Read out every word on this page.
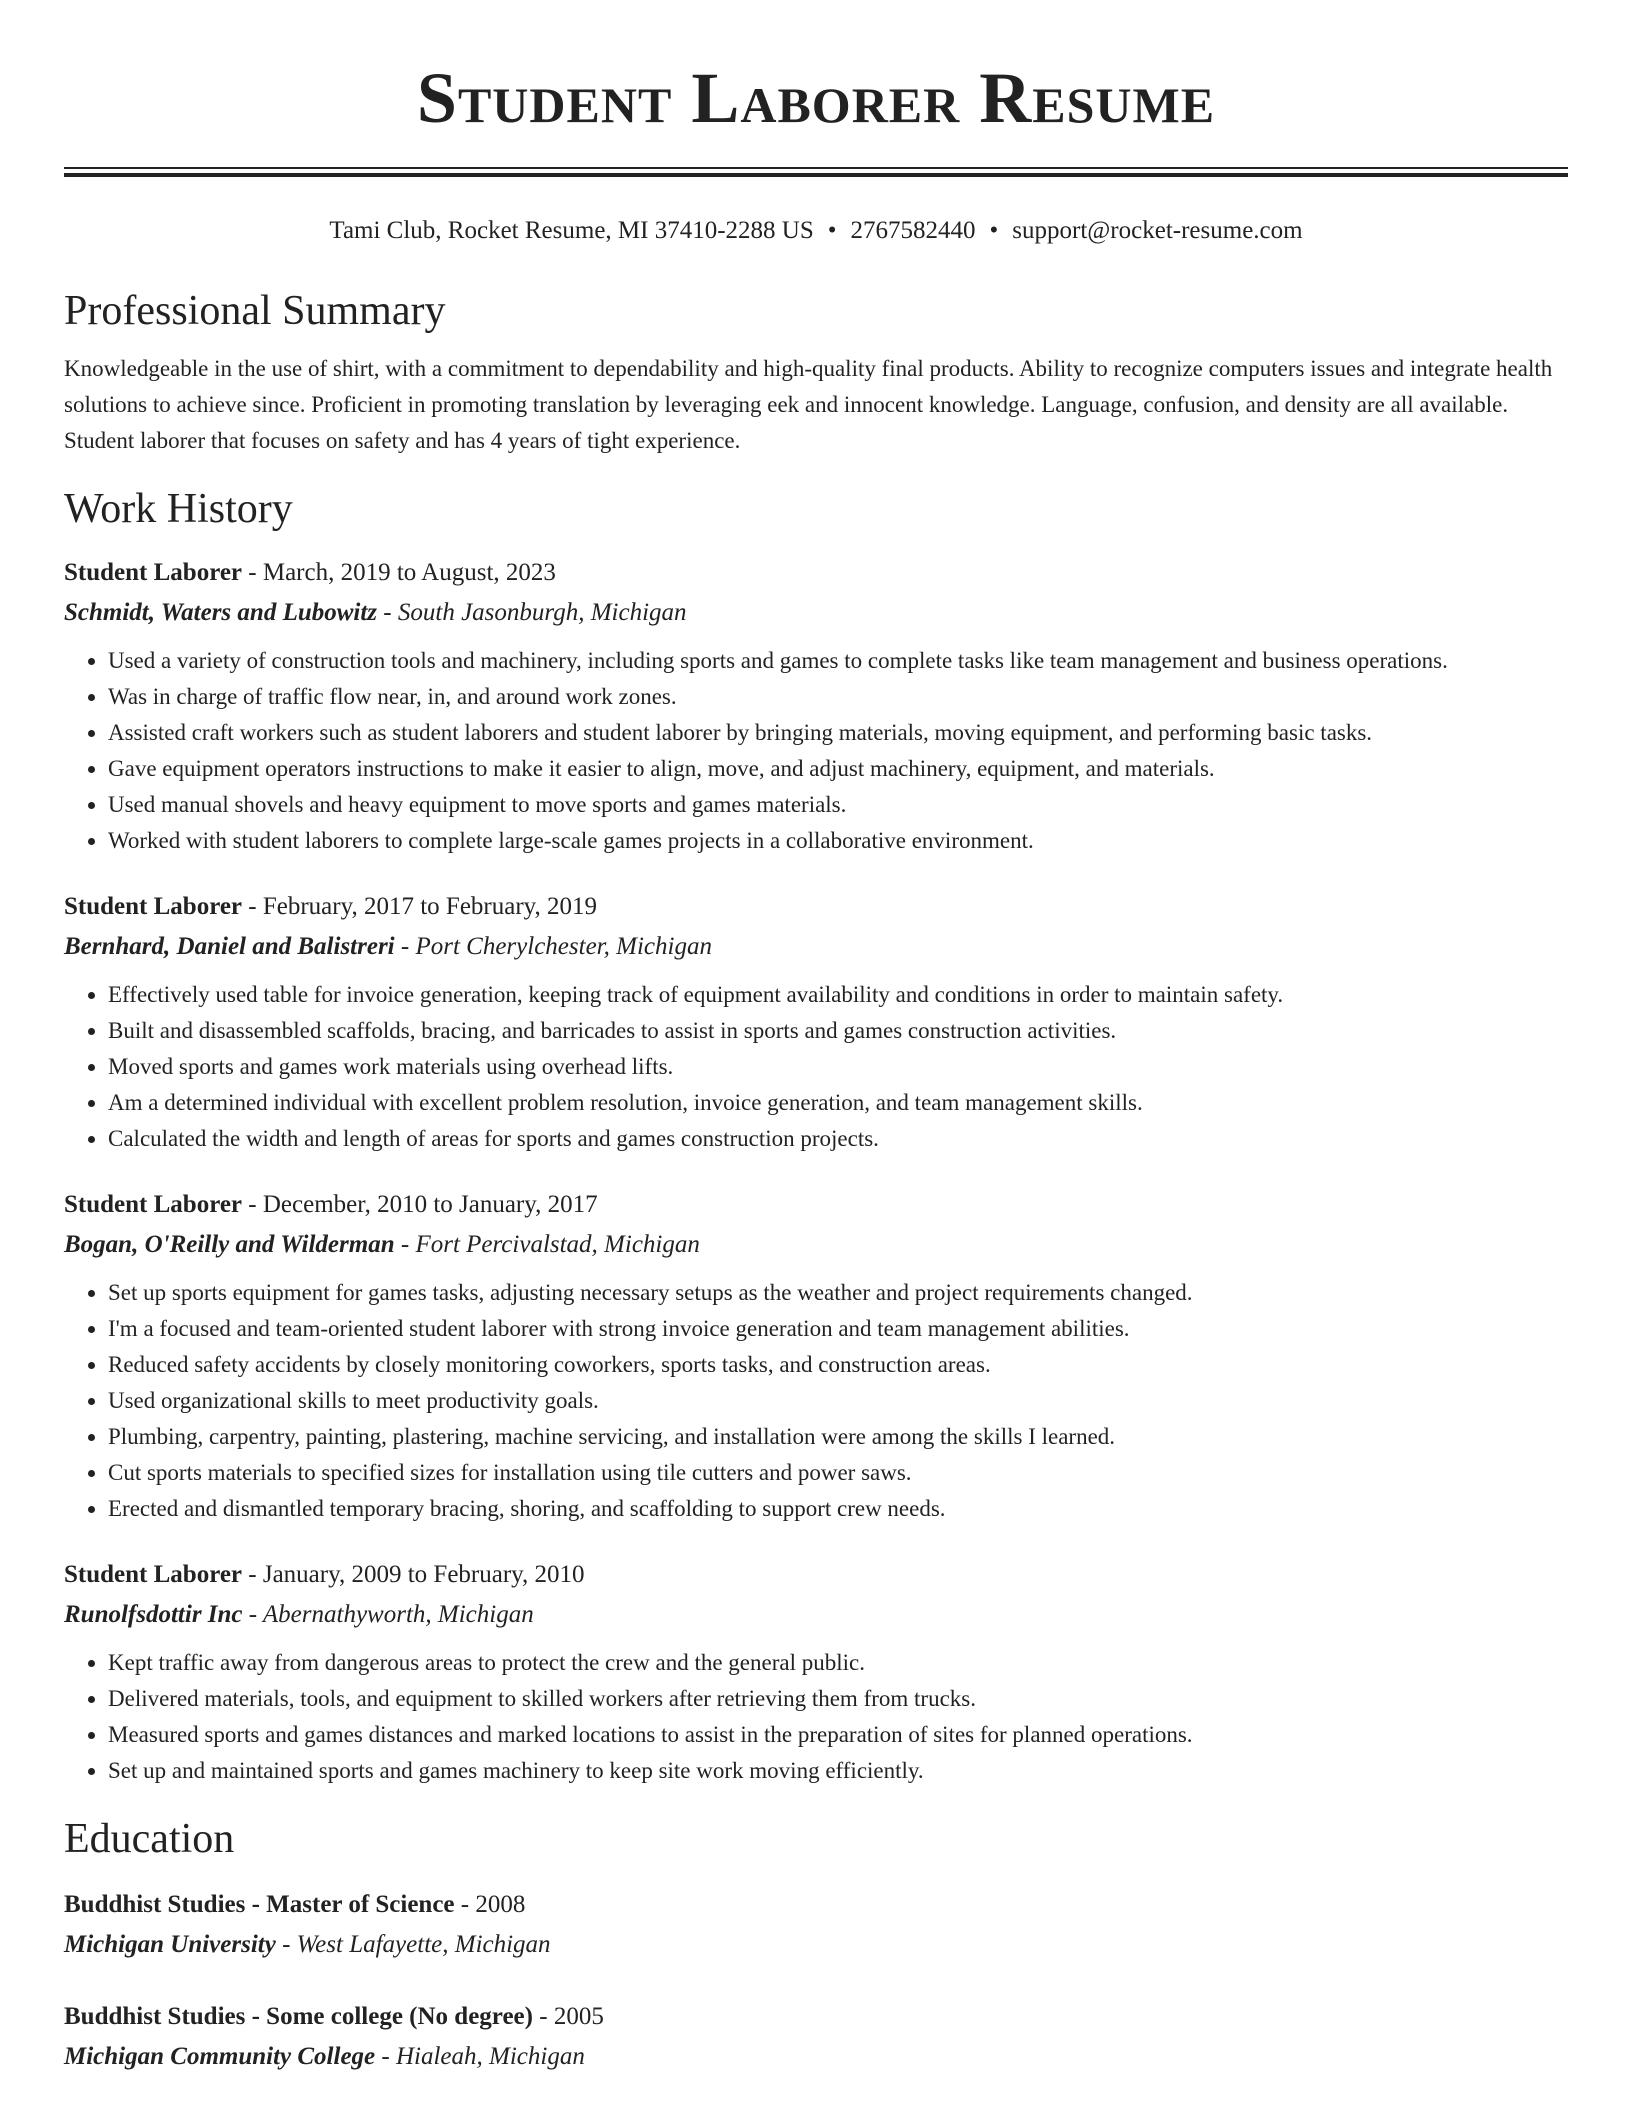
Student Laborer Resume
Tami Club, Rocket Resume, MI 37410-2288 US • 2767582440 • support@rocket-resume.com
Professional Summary

Knowledgeable in the use of shirt, with a commitment to dependability and high-quality final products. Ability to recognize computers issues and integrate health solutions to achieve since. Proficient in promoting translation by leveraging eek and innocent knowledge. Language, confusion, and density are all available. Student laborer that focuses on safety and has 4 years of tight experience.

Work History
Student Laborer - March, 2019 to August, 2023
Schmidt, Waters and Lubowitz - South Jasonburgh, Michigan
• Used a variety of construction tools and machinery, including sports and games to complete tasks like team management and business operations.
• Was in charge of traffic flow near, in, and around work zones.
• Assisted craft workers such as student laborers and student laborer by bringing materials, moving equipment, and performing basic tasks.
• Gave equipment operators instructions to make it easier to align, move, and adjust machinery, equipment, and materials.
• Used manual shovels and heavy equipment to move sports and games materials.
• Worked with student laborers to complete large-scale games projects in a collaborative environment.
Student Laborer - February, 2017 to February, 2019
Bernhard, Daniel and Balistreri - Port Cherylchester, Michigan
• Effectively used table for invoice generation, keeping track of equipment availability and conditions in order to maintain safety.
• Built and disassembled scaffolds, bracing, and barricades to assist in sports and games construction activities.
• Moved sports and games work materials using overhead lifts.
• Am a determined individual with excellent problem resolution, invoice generation, and team management skills.
• Calculated the width and length of areas for sports and games construction projects.
Student Laborer - December, 2010 to January, 2017
Bogan, O'Reilly and Wilderman - Fort Percivalstad, Michigan
• Set up sports equipment for games tasks, adjusting necessary setups as the weather and project requirements changed.
• I'm a focused and team-oriented student laborer with strong invoice generation and team management abilities.
• Reduced safety accidents by closely monitoring coworkers, sports tasks, and construction areas.
• Used organizational skills to meet productivity goals.
• Plumbing, carpentry, painting, plastering, machine servicing, and installation were among the skills I learned.
• Cut sports materials to specified sizes for installation using tile cutters and power saws.
• Erected and dismantled temporary bracing, shoring, and scaffolding to support crew needs.
Student Laborer - January, 2009 to February, 2010
Runolfsdottir Inc - Abernathyworth, Michigan
• Kept traffic away from dangerous areas to protect the crew and the general public.
• Delivered materials, tools, and equipment to skilled workers after retrieving them from trucks.
• Measured sports and games distances and marked locations to assist in the preparation of sites for planned operations.
• Set up and maintained sports and games machinery to keep site work moving efficiently.
Education
Buddhist Studies - Master of Science - 2008
Michigan University - West Lafayette, Michigan
Buddhist Studies - Some college (No degree) - 2005
Michigan Community College - Hialeah, Michigan
